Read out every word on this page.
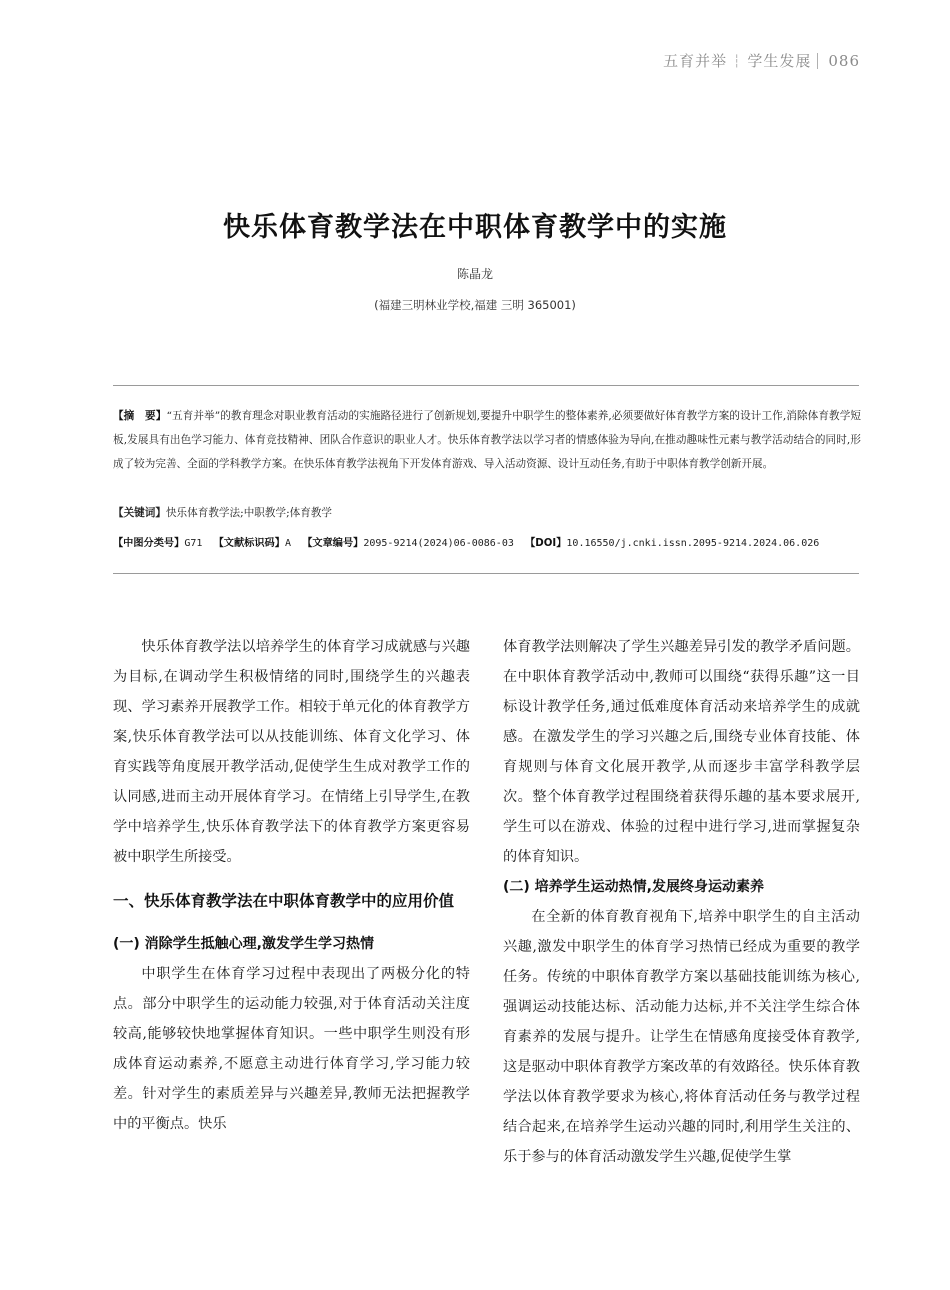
五育并举 ┆ 学生发展 086
快乐体育教学法在中职体育教学中的实施
陈晶龙
(福建三明林业学校,福建 三明 365001)
【摘　要】“五育并举”的教育理念对职业教育活动的实施路径进行了创新规划,要提升中职学生的整体素养,必须要做好体育教学方案的设计工作,消除体育教学短板,发展具有出色学习能力、体育竞技精神、团队合作意识的职业人才。快乐体育教学法以学习者的情感体验为导向,在推动趣味性元素与教学活动结合的同时,形成了较为完善、全面的学科教学方案。在快乐体育教学法视角下开发体育游戏、导入活动资源、设计互动任务,有助于中职体育教学创新开展。
【关键词】快乐体育教学法;中职教学;体育教学
【中图分类号】G71 【文献标识码】A 【文章编号】2095-9214(2024)06-0086-03 【DOI】10.16550/j.cnki.issn.2095-9214.2024.06.026

快乐体育教学法以培养学生的体育学习成就感与兴趣为目标,在调动学生积极情绪的同时,围绕学生的兴趣表现、学习素养开展教学工作。相较于单元化的体育教学方案,快乐体育教学法可以从技能训练、体育文化学习、体育实践等角度展开教学活动,促使学生生成对教学工作的认同感,进而主动开展体育学习。在情绪上引导学生,在教学中培养学生,快乐体育教学法下的体育教学方案更容易被中职学生所接受。

一、快乐体育教学法在中职体育教学中的应用价值
(一) 消除学生抵触心理,激发学生学习热情

中职学生在体育学习过程中表现出了两极分化的特点。部分中职学生的运动能力较强,对于体育活动关注度较高,能够较快地掌握体育知识。一些中职学生则没有形成体育运动素养,不愿意主动进行体育学习,学习能力较差。针对学生的素质差异与兴趣差异,教师无法把握教学中的平衡点。快乐

体育教学法则解决了学生兴趣差异引发的教学矛盾问题。在中职体育教学活动中,教师可以围绕“获得乐趣”这一目标设计教学任务,通过低难度体育活动来培养学生的成就感。在激发学生的学习兴趣之后,围绕专业体育技能、体育规则与体育文化展开教学,从而逐步丰富学科教学层次。整个体育教学过程围绕着获得乐趣的基本要求展开,学生可以在游戏、体验的过程中进行学习,进而掌握复杂的体育知识。

(二) 培养学生运动热情,发展终身运动素养

在全新的体育教育视角下,培养中职学生的自主活动兴趣,激发中职学生的体育学习热情已经成为重要的教学任务。传统的中职体育教学方案以基础技能训练为核心,强调运动技能达标、活动能力达标,并不关注学生综合体育素养的发展与提升。让学生在情感角度接受体育教学,这是驱动中职体育教学方案改革的有效路径。快乐体育教学法以体育教学要求为核心,将体育活动任务与教学过程结合起来,在培养学生运动兴趣的同时,利用学生关注的、乐于参与的体育活动激发学生兴趣,促使学生掌
